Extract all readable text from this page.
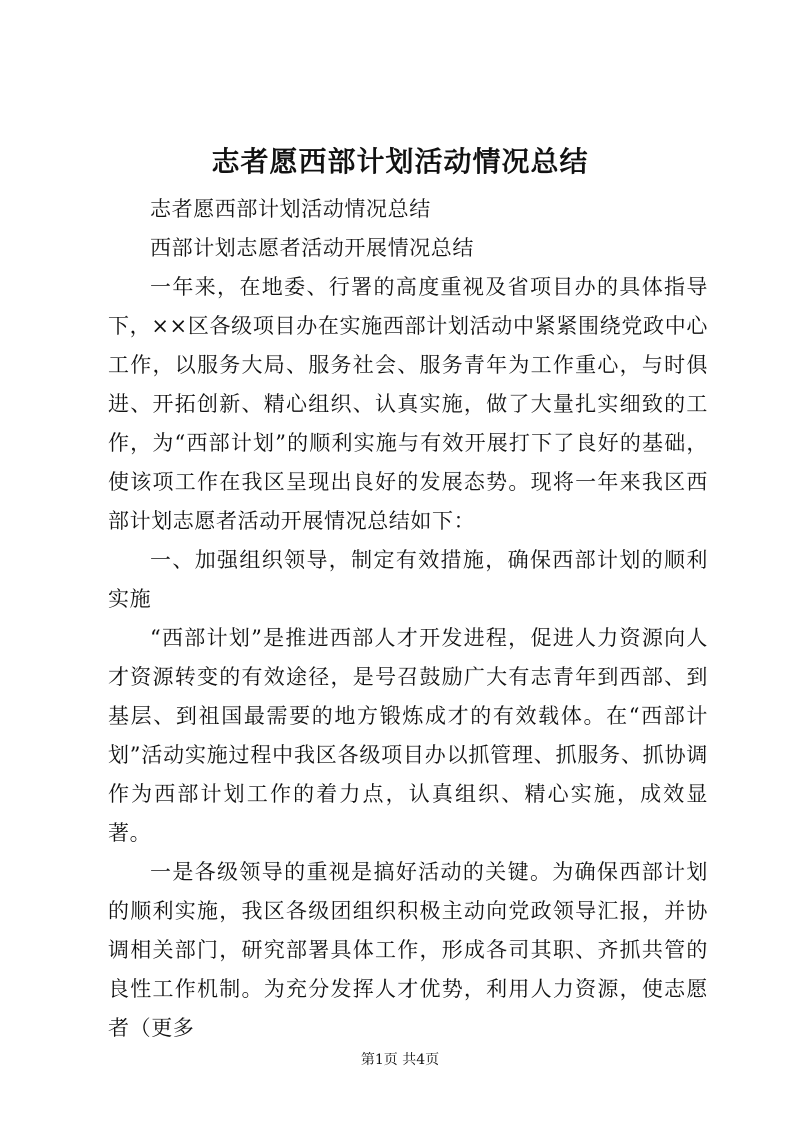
志者愿西部计划活动情况总结

志者愿西部计划活动情况总结

西部计划志愿者活动开展情况总结

一年来，在地委、行署的高度重视及省项目办的具体指导下，××区各级项目办在实施西部计划活动中紧紧围绕党政中心工作，以服务大局、服务社会、服务青年为工作重心，与时俱进、开拓创新、精心组织、认真实施，做了大量扎实细致的工作，为“西部计划”的顺利实施与有效开展打下了良好的基础，使该项工作在我区呈现出良好的发展态势。现将一年来我区西部计划志愿者活动开展情况总结如下：

一、加强组织领导，制定有效措施，确保西部计划的顺利实施

“西部计划”是推进西部人才开发进程，促进人力资源向人才资源转变的有效途径，是号召鼓励广大有志青年到西部、到基层、到祖国最需要的地方锻炼成才的有效载体。在“西部计划”活动实施过程中我区各级项目办以抓管理、抓服务、抓协调作为西部计划工作的着力点，认真组织、精心实施，成效显著。

一是各级领导的重视是搞好活动的关键。为确保西部计划的顺利实施，我区各级团组织积极主动向党政领导汇报，并协调相关部门，研究部署具体工作，形成各司其职、齐抓共管的良性工作机制。为充分发挥人才优势，利用人力资源，使志愿者（更多

第1页 共4页
